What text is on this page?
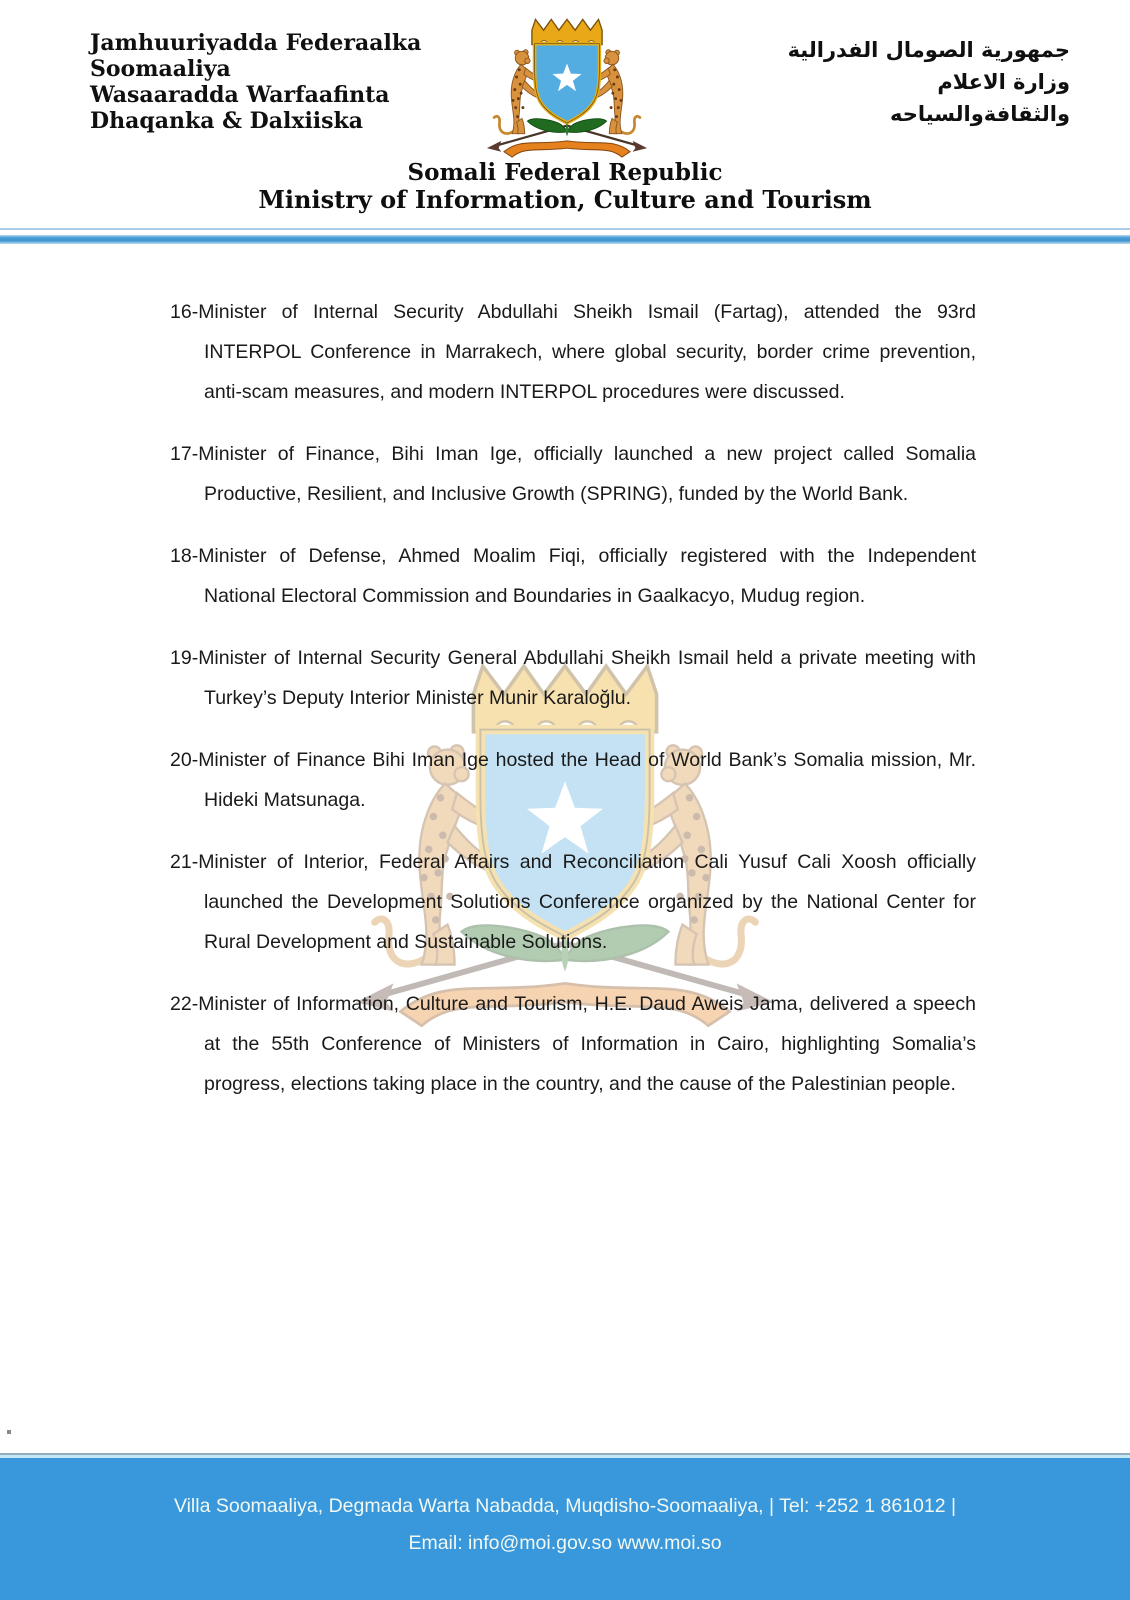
Jamhuuriyadda Federaalka
Soomaaliya
Wasaaradda Warfaafinta
Dhaqanka & Dalxiiska
جمهورية الصومال الفدرالية
وزارة الاعلام
والثقافةوالسياحه
Somali Federal Republic
Ministry of Information, Culture and Tourism

16-Minister of Internal Security Abdullahi Sheikh Ismail (Fartag), attended the 93rd INTERPOL Conference in Marrakech, where global security, border crime prevention, anti-scam measures, and modern INTERPOL procedures were discussed.

17-Minister of Finance, Bihi Iman Ige, officially launched a new project called Somalia Productive, Resilient, and Inclusive Growth (SPRING), funded by the World Bank.

18-Minister of Defense, Ahmed Moalim Fiqi, officially registered with the Independent National Electoral Commission and Boundaries in Gaalkacyo, Mudug region.

19-Minister of Internal Security General Abdullahi Sheikh Ismail held a private meeting with Turkey’s Deputy Interior Minister Munir Karaloğlu.

20-Minister of Finance Bihi Iman Ige hosted the Head of World Bank’s Somalia mission, Mr. Hideki Matsunaga.

21-Minister of Interior, Federal Affairs and Reconciliation Cali Yusuf Cali Xoosh officially launched the Development Solutions Conference organized by the National Center for Rural Development and Sustainable Solutions.

22-Minister of Information, Culture and Tourism, H.E. Daud Aweis Jama, delivered a speech at the 55th Conference of Ministers of Information in Cairo, highlighting Somalia’s progress, elections taking place in the country, and the cause of the Palestinian people.

Villa Soomaaliya, Degmada Warta Nabadda, Muqdisho-Soomaaliya, | Tel: +252 1 861012 |
Email: info@moi.gov.so www.moi.so
